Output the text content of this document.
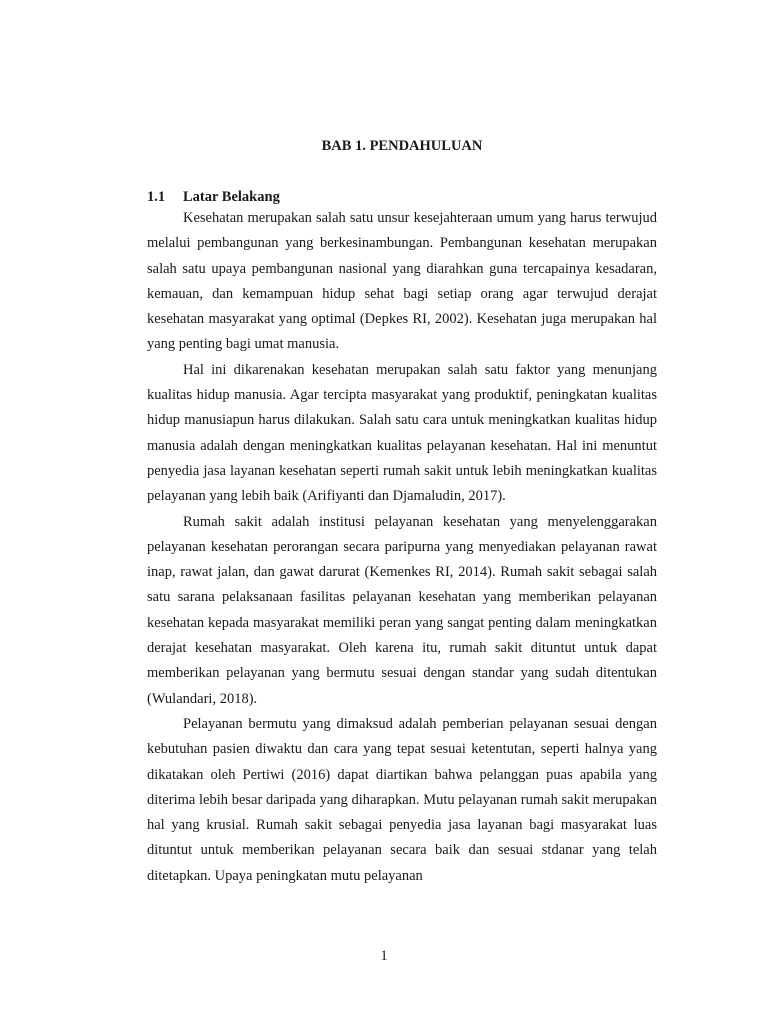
BAB 1. PENDAHULUAN
1.1	Latar Belakang

Kesehatan merupakan salah satu unsur kesejahteraan umum yang harus terwujud melalui pembangunan yang berkesinambungan. Pembangunan kesehatan merupakan salah satu upaya pembangunan nasional yang diarahkan guna tercapainya kesadaran, kemauan, dan kemampuan hidup sehat bagi setiap orang agar terwujud derajat kesehatan masyarakat yang optimal (Depkes RI, 2002). Kesehatan juga merupakan hal yang penting bagi umat manusia.

Hal ini dikarenakan kesehatan merupakan salah satu faktor yang menunjang kualitas hidup manusia. Agar tercipta masyarakat yang produktif, peningkatan kualitas hidup manusiapun harus dilakukan. Salah satu cara untuk meningkatkan kualitas hidup manusia adalah dengan meningkatkan kualitas pelayanan kesehatan. Hal ini menuntut penyedia jasa layanan kesehatan seperti rumah sakit untuk lebih meningkatkan kualitas pelayanan yang lebih baik (Arifiyanti dan Djamaludin, 2017).

Rumah sakit adalah institusi pelayanan kesehatan yang menyelenggarakan pelayanan kesehatan perorangan secara paripurna yang menyediakan pelayanan rawat inap, rawat jalan, dan gawat darurat (Kemenkes RI, 2014). Rumah sakit sebagai salah satu sarana pelaksanaan fasilitas pelayanan kesehatan yang memberikan pelayanan kesehatan kepada masyarakat memiliki peran yang sangat penting dalam meningkatkan derajat kesehatan masyarakat. Oleh karena itu, rumah sakit dituntut untuk dapat memberikan pelayanan yang bermutu sesuai dengan standar yang sudah ditentukan (Wulandari, 2018).

Pelayanan bermutu yang dimaksud adalah pemberian pelayanan sesuai dengan kebutuhan pasien diwaktu dan cara yang tepat sesuai ketentutan, seperti halnya yang dikatakan oleh Pertiwi (2016) dapat diartikan bahwa pelanggan puas apabila yang diterima lebih besar daripada yang diharapkan. Mutu pelayanan rumah sakit merupakan hal yang krusial. Rumah sakit sebagai penyedia jasa layanan bagi masyarakat luas dituntut untuk memberikan pelayanan secara baik dan sesuai stdanar yang telah ditetapkan. Upaya peningkatan mutu pelayanan

1
